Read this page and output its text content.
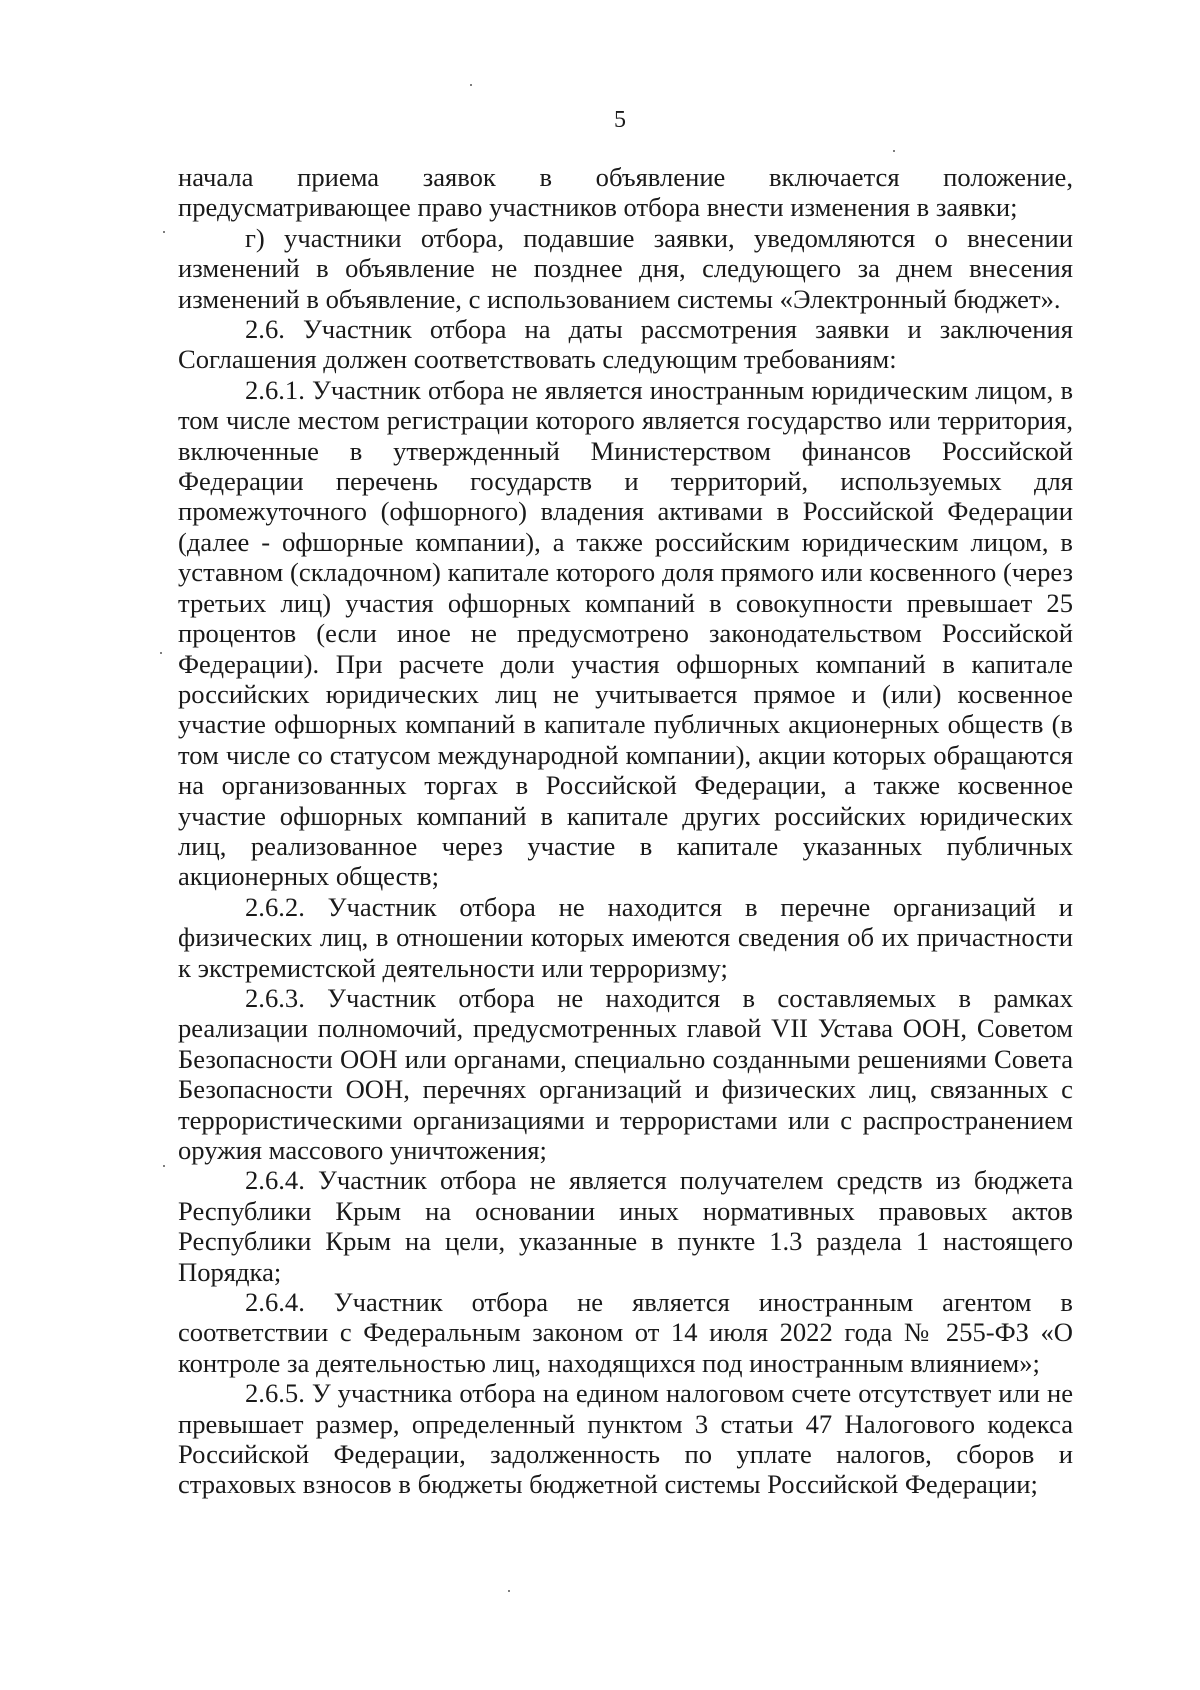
5

начала приема заявок в объявление включается положение,
предусматривающее право участников отбора внести изменения в заявки;

г) участники отбора, подавшие заявки, уведомляются о внесении изменений в объявление не позднее дня, следующего за днем внесения изменений в объявление, с использованием системы «Электронный бюджет».

2.6. Участник отбора на даты рассмотрения заявки и заключения Соглашения должен соответствовать следующим требованиям:

2.6.1. Участник отбора не является иностранным юридическим лицом, в том числе местом регистрации которого является государство или территория, включенные в утвержденный Министерством финансов Российской Федерации перечень государств и территорий, используемых для промежуточного (офшорного) владения активами в Российской Федерации (далее - офшорные компании), а также российским юридическим лицом, в уставном (складочном) капитале которого доля прямого или косвенного (через третьих лиц) участия офшорных компаний в совокупности превышает 25 процентов (если иное не предусмотрено законодательством Российской Федерации). При расчете доли участия офшорных компаний в капитале российских юридических лиц не учитывается прямое и (или) косвенное участие офшорных компаний в капитале публичных акционерных обществ (в том числе со статусом международной компании), акции которых обращаются на организованных торгах в Российской Федерации, а также косвенное участие офшорных компаний в капитале других российских юридических лиц, реализованное через участие в капитале указанных публичных акционерных обществ;

2.6.2. Участник отбора не находится в перечне организаций и физических лиц, в отношении которых имеются сведения об их причастности к экстремистской деятельности или терроризму;

2.6.3. Участник отбора не находится в составляемых в рамках реализации полномочий, предусмотренных главой VII Устава ООН, Советом Безопасности ООН или органами, специально созданными решениями Совета Безопасности ООН, перечнях организаций и физических лиц, связанных с террористическими организациями и террористами или с распространением оружия массового уничтожения;

2.6.4. Участник отбора не является получателем средств из бюджета Республики Крым на основании иных нормативных правовых актов Республики Крым на цели, указанные в пункте 1.3 раздела 1 настоящего Порядка;

2.6.4. Участник отбора не является иностранным агентом в соответствии с Федеральным законом от 14 июля 2022 года № 255-ФЗ «О контроле за деятельностью лиц, находящихся под иностранным влиянием»;

2.6.5. У участника отбора на едином налоговом счете отсутствует или не превышает размер, определенный пунктом 3 статьи 47 Налогового кодекса Российской Федерации, задолженность по уплате налогов, сборов и страховых взносов в бюджеты бюджетной системы Российской Федерации;
